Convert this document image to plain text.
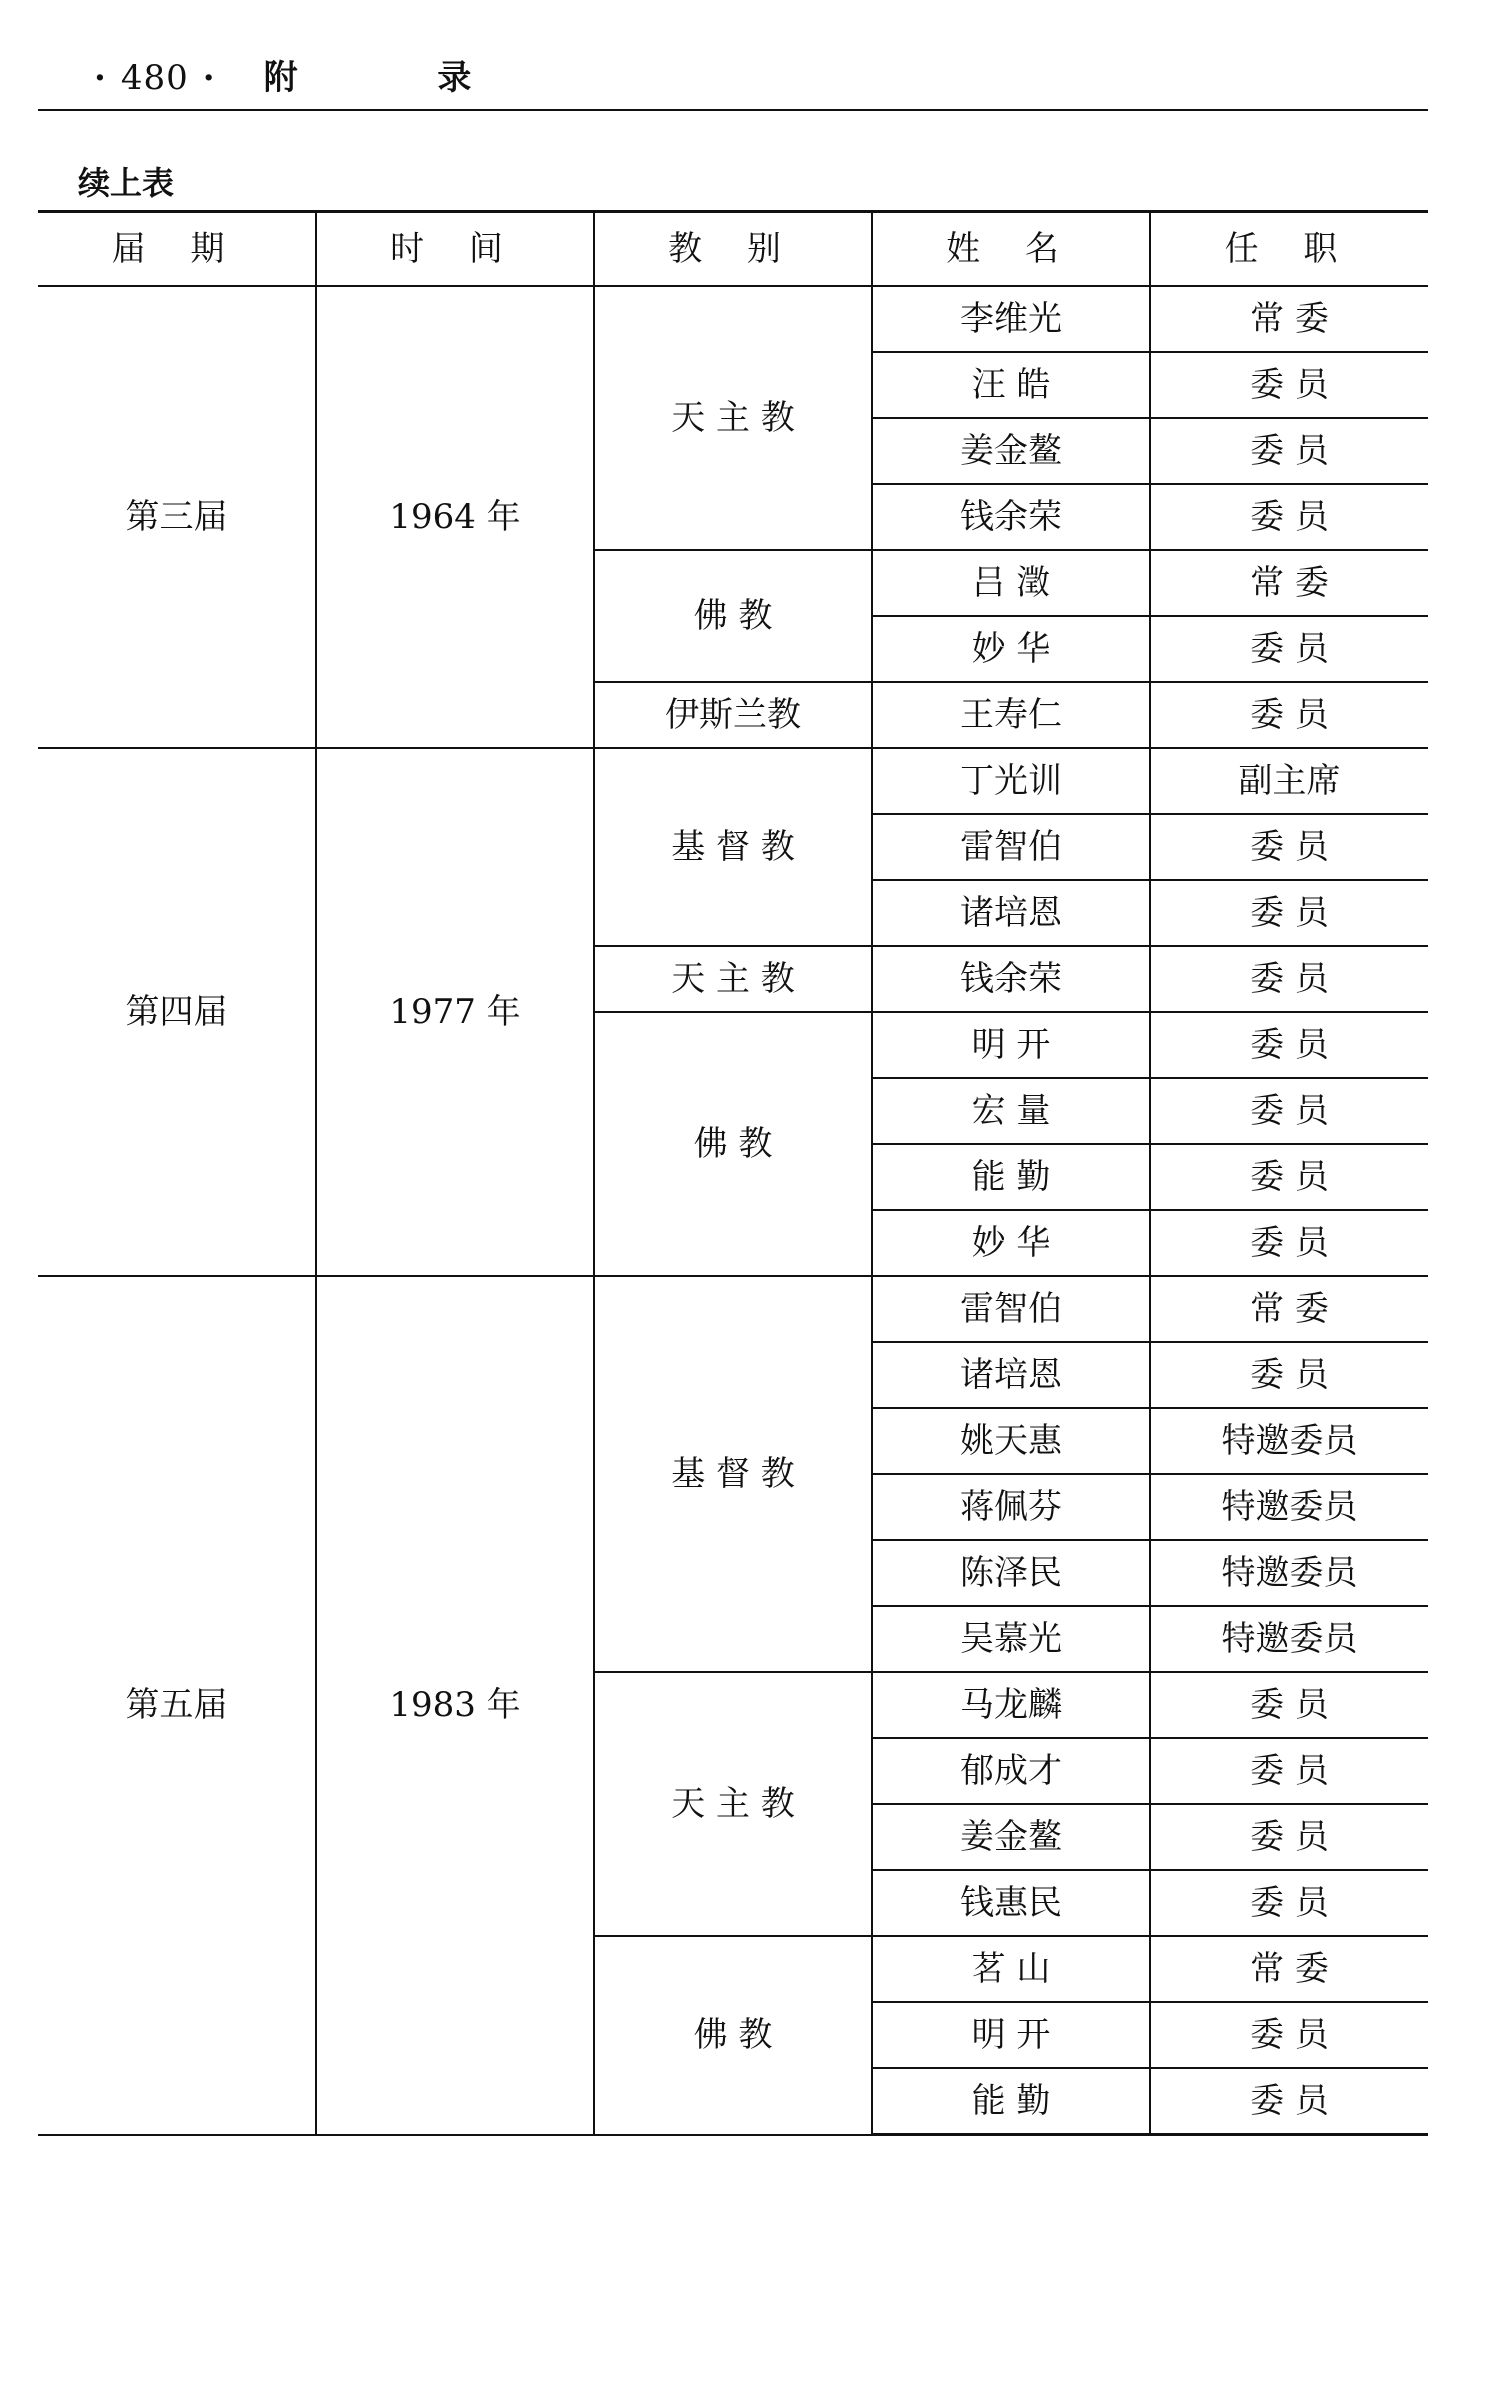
· 480 · 附 录
续上表
届 期	时 间	教 别	姓 名	任 职
第三届	1964 年	天 主 教	李维光	常 委
			汪 皓	委 员
			姜金鳌	委 员
			钱余荣	委 员
		佛 教	吕 澂	常 委
			妙 华	委 员
		伊斯兰教	王寿仁	委 员
第四届	1977 年	基 督 教	丁光训	副主席
			雷智伯	委 员
			诸培恩	委 员
		天 主 教	钱余荣	委 员
		佛 教	明 开	委 员
			宏 量	委 员
			能 勤	委 员
			妙 华	委 员
第五届	1983 年	基 督 教	雷智伯	常 委
			诸培恩	委 员
			姚天惠	特邀委员
			蒋佩芬	特邀委员
			陈泽民	特邀委员
			吴慕光	特邀委员
		天 主 教	马龙麟	委 员
			郁成才	委 员
			姜金鳌	委 员
			钱惠民	委 员
		佛 教	茗 山	常 委
			明 开	委 员
			能 勤	委 员
